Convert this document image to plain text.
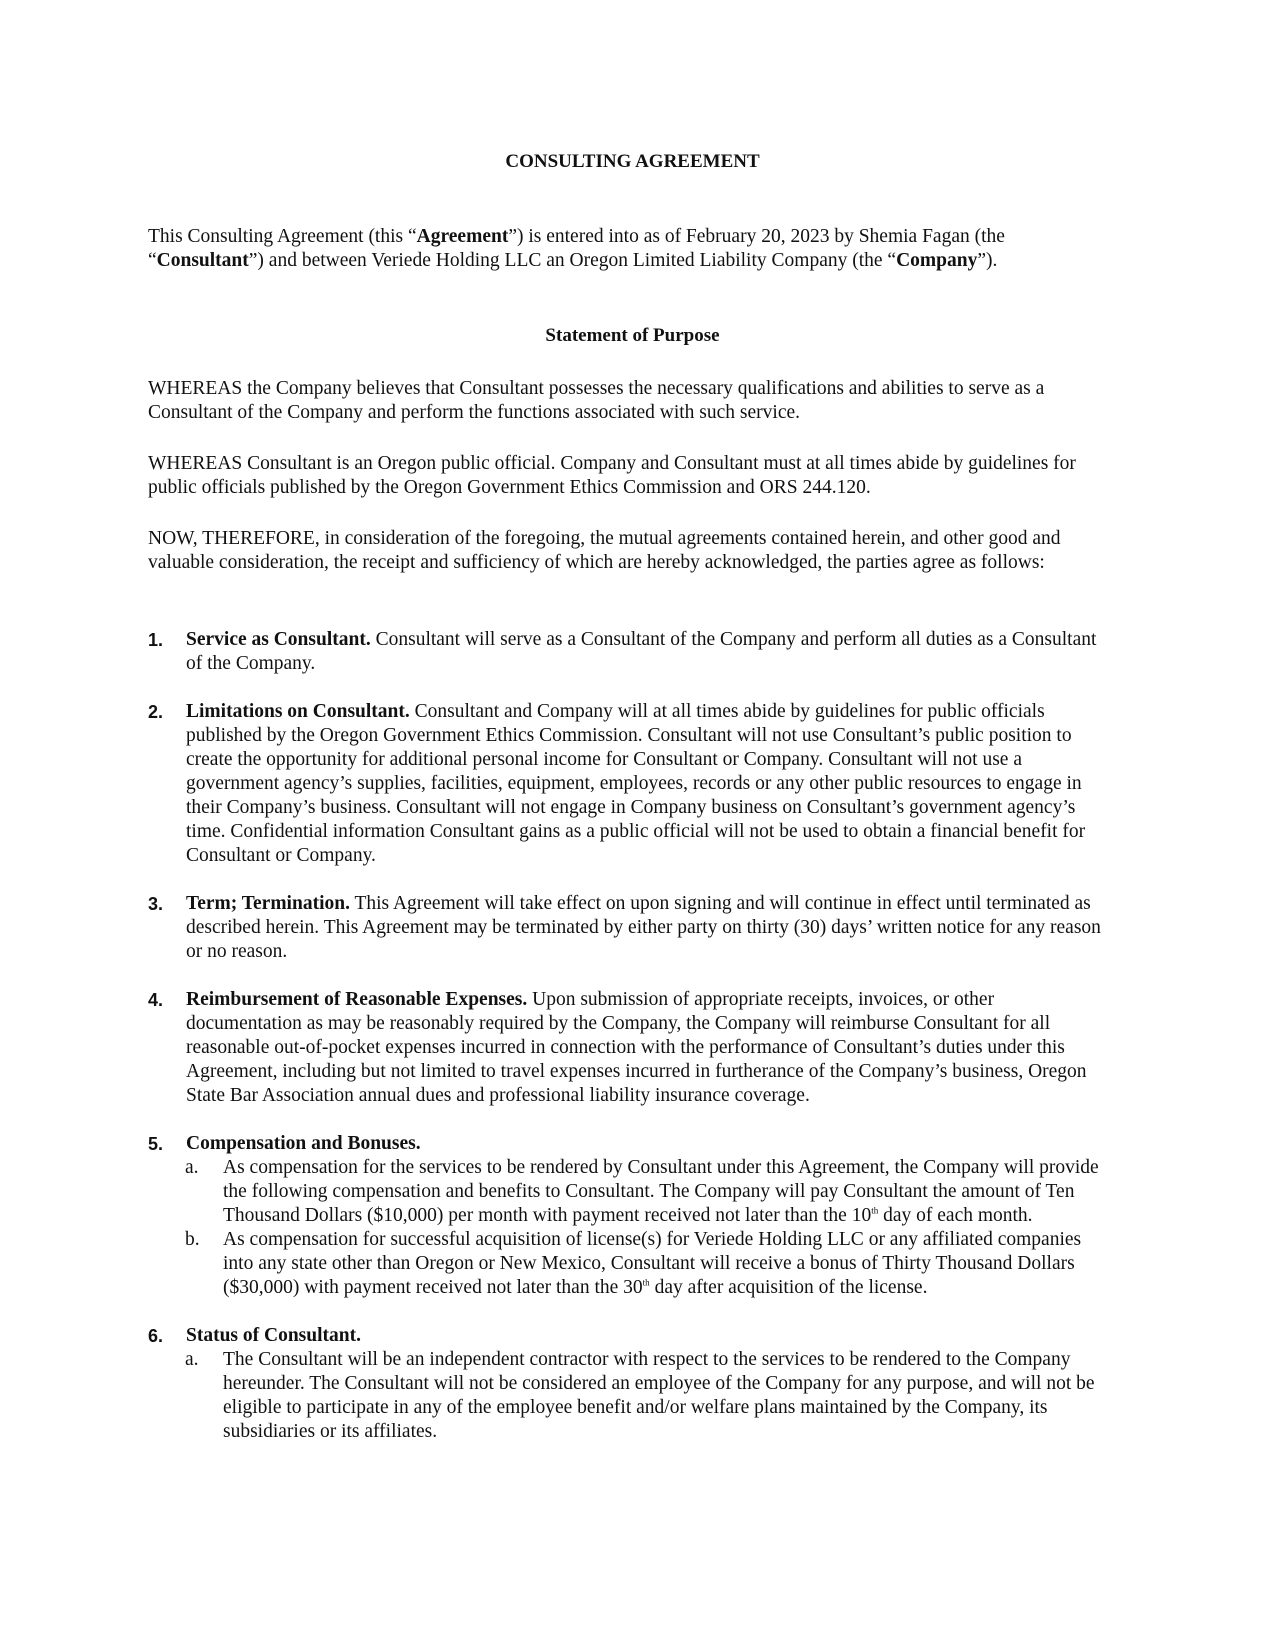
CONSULTING AGREEMENT
This Consulting Agreement (this “Agreement”) is entered into as of February 20, 2023 by Shemia Fagan (the “Consultant”) and between Veriede Holding LLC an Oregon Limited Liability Company (the “Company”).
Statement of Purpose
WHEREAS the Company believes that Consultant possesses the necessary qualifications and abilities to serve as a Consultant of the Company and perform the functions associated with such service.
WHEREAS Consultant is an Oregon public official. Company and Consultant must at all times abide by guidelines for public officials published by the Oregon Government Ethics Commission and ORS 244.120.
NOW, THEREFORE, in consideration of the foregoing, the mutual agreements contained herein, and other good and valuable consideration, the receipt and sufficiency of which are hereby acknowledged, the parties agree as follows:
1. Service as Consultant. Consultant will serve as a Consultant of the Company and perform all duties as a Consultant of the Company.
2. Limitations on Consultant. Consultant and Company will at all times abide by guidelines for public officials published by the Oregon Government Ethics Commission. Consultant will not use Consultant’s public position to create the opportunity for additional personal income for Consultant or Company. Consultant will not use a government agency’s supplies, facilities, equipment, employees, records or any other public resources to engage in their Company’s business. Consultant will not engage in Company business on Consultant’s government agency’s time. Confidential information Consultant gains as a public official will not be used to obtain a financial benefit for Consultant or Company.
3. Term; Termination. This Agreement will take effect on upon signing and will continue in effect until terminated as described herein. This Agreement may be terminated by either party on thirty (30) days’ written notice for any reason or no reason.
4. Reimbursement of Reasonable Expenses. Upon submission of appropriate receipts, invoices, or other documentation as may be reasonably required by the Company, the Company will reimburse Consultant for all reasonable out-of-pocket expenses incurred in connection with the performance of Consultant’s duties under this Agreement, including but not limited to travel expenses incurred in furtherance of the Company’s business, Oregon State Bar Association annual dues and professional liability insurance coverage.
5. Compensation and Bonuses.
a. As compensation for the services to be rendered by Consultant under this Agreement, the Company will provide the following compensation and benefits to Consultant. The Company will pay Consultant the amount of Ten Thousand Dollars ($10,000) per month with payment received not later than the 10th day of each month.
b. As compensation for successful acquisition of license(s) for Veriede Holding LLC or any affiliated companies into any state other than Oregon or New Mexico, Consultant will receive a bonus of Thirty Thousand Dollars ($30,000) with payment received not later than the 30th day after acquisition of the license.
6. Status of Consultant.
a. The Consultant will be an independent contractor with respect to the services to be rendered to the Company hereunder. The Consultant will not be considered an employee of the Company for any purpose, and will not be eligible to participate in any of the employee benefit and/or welfare plans maintained by the Company, its subsidiaries or its affiliates.
